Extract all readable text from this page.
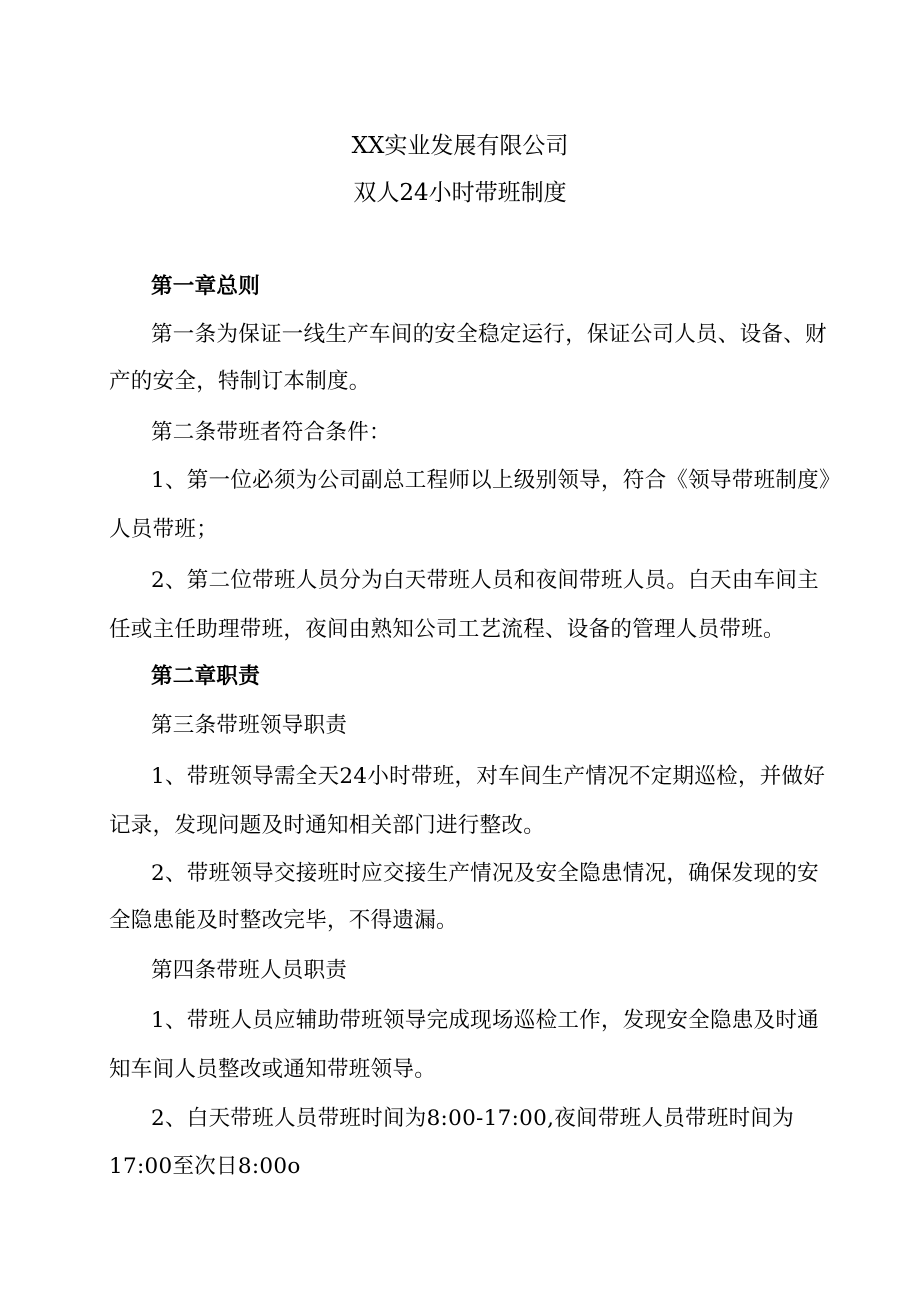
XX实业发展有限公司
双人24小时带班制度
第一章总则
第一条为保证一线生产车间的安全稳定运行，保证公司人员、设备、财
产的安全，特制订本制度。
第二条带班者符合条件：
1、第一位必须为公司副总工程师以上级别领导，符合《领导带班制度》
人员带班；
2、第二位带班人员分为白天带班人员和夜间带班人员。白天由车间主
任或主任助理带班，夜间由熟知公司工艺流程、设备的管理人员带班。
第二章职责
第三条带班领导职责
1、带班领导需全天24小时带班，对车间生产情况不定期巡检，并做好
记录，发现问题及时通知相关部门进行整改。
2、带班领导交接班时应交接生产情况及安全隐患情况，确保发现的安
全隐患能及时整改完毕，不得遗漏。
第四条带班人员职责
1、带班人员应辅助带班领导完成现场巡检工作，发现安全隐患及时通
知车间人员整改或通知带班领导。
2、白天带班人员带班时间为8:00-17:00,夜间带班人员带班时间为
17:00至次日8:00o
